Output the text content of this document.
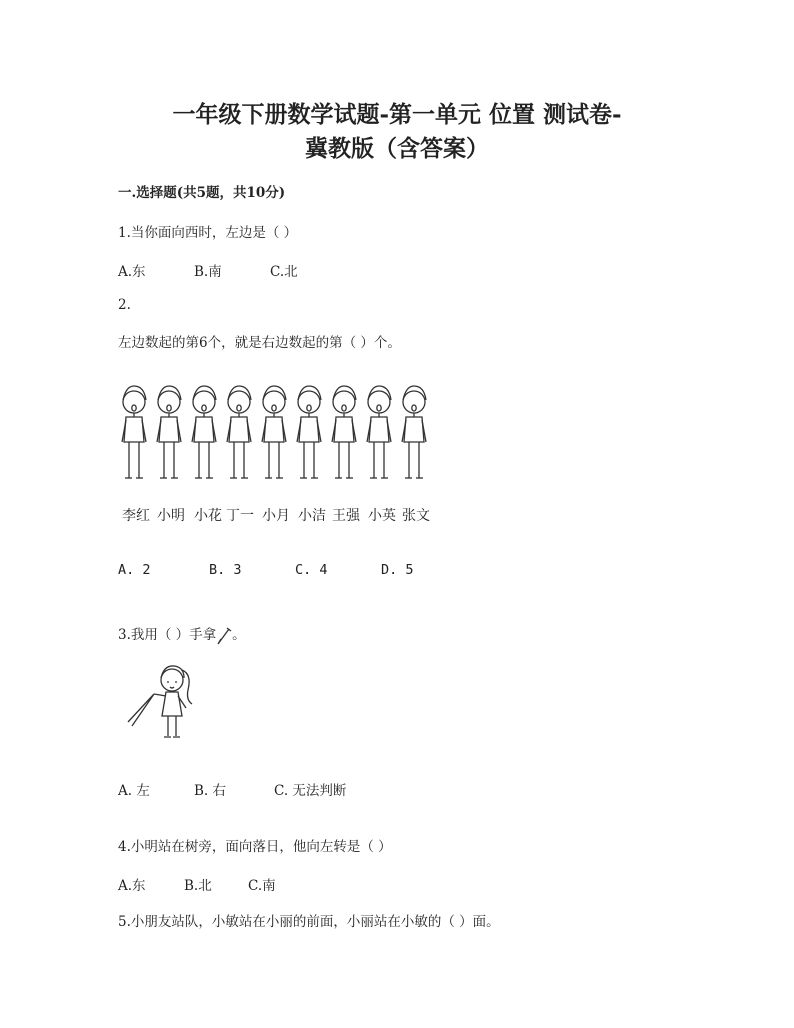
一年级下册数学试题-第一单元 位置 测试卷-
冀教版（含答案）
一.选择题(共5题，共10分)
1.当你面向西时，左边是（ ）
A.东	B.南	C.北
2.
左边数起的第6个，就是右边数起的第（ ）个。
李红 小明 小花 丁一 小月 小洁 王强 小英 张文
A. 2	B. 3	C. 4	D. 5
3.我用（ ）手拿 。
A. 左	B. 右	C. 无法判断
4.小明站在树旁，面向落日，他向左转是（ ）
A.东	B.北	C.南
5.小朋友站队，小敏站在小丽的前面，小丽站在小敏的（ ）面。
